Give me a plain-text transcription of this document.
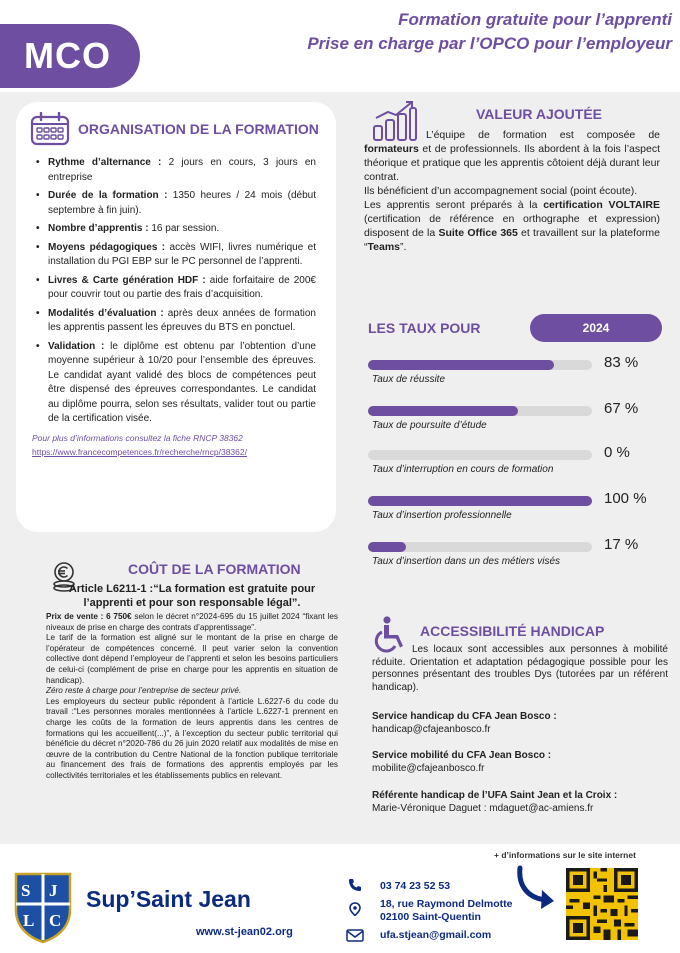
MCO
Formation gratuite pour l’apprenti
Prise en charge par l’OPCO pour l’employeur
ORGANISATION DE LA FORMATION
• Rythme d’alternance : 2 jours en cours, 3 jours en entreprise
• Durée de la formation : 1350 heures / 24 mois (début septembre à fin juin).
• Nombre d’apprentis : 16 par session.
• Moyens pédagogiques : accès WIFI, livres numérique et installation du PGI EBP sur le PC personnel de l’apprenti.
• Livres & Carte génération HDF : aide forfaitaire de 200€ pour couvrir tout ou partie des frais d’acquisition.
• Modalités d’évaluation : après deux années de formation les apprentis passent les épreuves du BTS en ponctuel.
• Validation : le diplôme est obtenu par l’obtention d’une moyenne supérieur à 10/20 pour l’ensemble des épreuves. Le candidat ayant validé des blocs de compétences peut être dispensé des épreuves correspondantes. Le candidat au diplôme pourra, selon ses résultats, valider tout ou partie de la certification visée.
Pour plus d’informations consultez la fiche RNCP 38362
https://www.francecompetences.fr/recherche/rncp/38362/
VALEUR AJOUTÉE

L’équipe de formation est composée de formateurs et de professionnels. Ils abordent à la fois l’aspect théorique et pratique que les apprentis côtoient déjà durant leur contrat.

Ils bénéficient d’un accompagnement social (point écoute).

Les apprentis seront préparés à la certification VOLTAIRE (certification de référence en orthographe et expression) disposent de la Suite Office 365 et travaillent sur la plateforme “Teams”.

LES TAUX POUR	2024
83 %
Taux de réussite
67 %
Taux de poursuite d’étude
0 %
Taux d’interruption en cours de formation
100 %
Taux d’insertion professionnelle
17 %
Taux d’insertion dans un des métiers visés
COÛT DE LA FORMATION
Article L6211-1 :“La formation est gratuite pour l’apprenti et pour son responsable légal”.
Prix de vente : 6 750€ selon le décret n°2024-695 du 15 juillet 2024 “fixant les niveaux de prise en charge des contrats d’apprentissage”.
Le tarif de la formation est aligné sur le montant de la prise en charge de l’opérateur de compétences concerné. Il peut varier selon la convention collective dont dépend l’employeur de l’apprenti et selon les besoins particuliers de celui-ci (complément de prise en charge pour les apprentis en situation de handicap).
Zéro reste à charge pour l’entreprise de secteur privé.
Les employeurs du secteur public répondent à l’article L.6227-6 du code du travail :“Les personnes morales mentionnées à l’article L.6227-1 prennent en charge les coûts de la formation de leurs apprentis dans les centres de formations qui les accueillent(...)”, à l’exception du secteur public territorial qui bénéficie du décret n°2020-786 du 26 juin 2020 relatif aux modalités de mise en œuvre de la contribution du Centre National de la fonction publique territoriale au financement des frais de formations des apprentis employés par les collectivités territoriales et les établissements publics en relevant.
ACCESSIBILITÉ HANDICAP
Les locaux sont accessibles aux personnes à mobilité réduite. Orientation et adaptation pédagogique possible pour les personnes présentant des troubles Dys (tutorées par un référent handicap).
Service handicap du CFA Jean Bosco :
handicap@cfajeanbosco.fr
Service mobilité du CFA Jean Bosco :
mobilite@cfajeanbosco.fr
Référente handicap de l’UFA Saint Jean et la Croix :
Marie-Véronique Daguet : mdaguet@ac-amiens.fr
+ d’informations sur le site internet
S J
L C
Sup’Saint Jean
www.st-jean02.org
03 74 23 52 53
18, rue Raymond Delmotte
02100 Saint-Quentin
ufa.stjean@gmail.com
